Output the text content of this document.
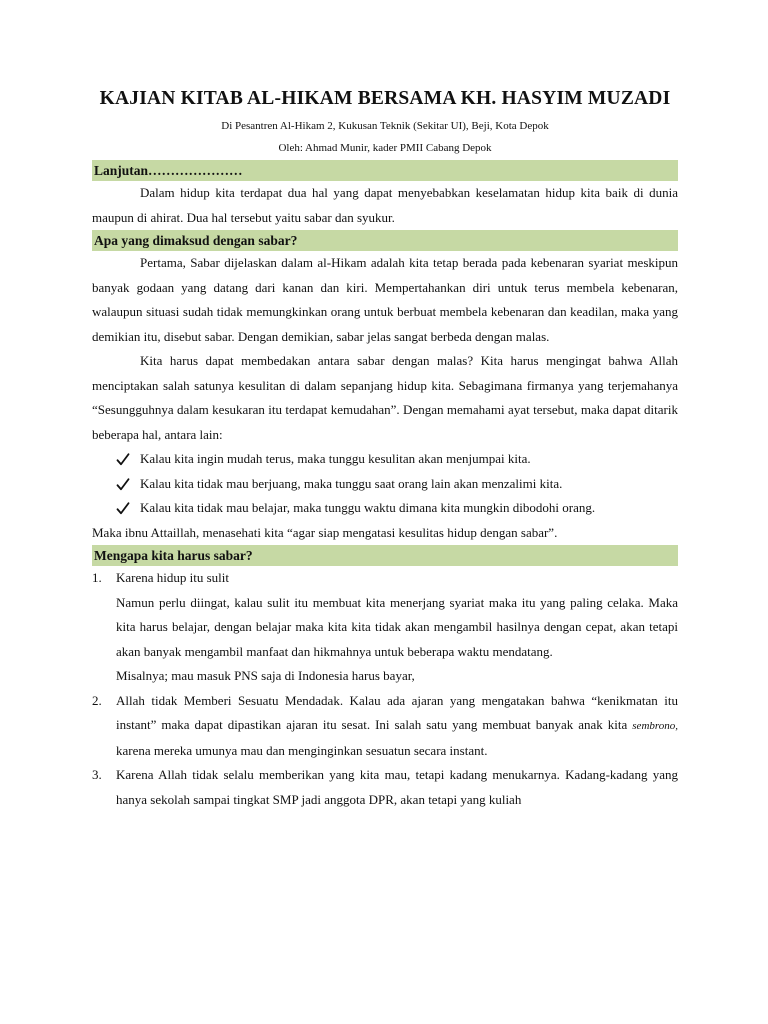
KAJIAN KITAB AL-HIKAM BERSAMA KH. HASYIM MUZADI
Di Pesantren Al-Hikam 2, Kukusan Teknik (Sekitar UI), Beji, Kota Depok
Oleh: Ahmad Munir, kader PMII Cabang Depok
Lanjutan…………………

Dalam hidup kita terdapat dua hal yang dapat menyebabkan keselamatan hidup kita baik di dunia maupun di ahirat. Dua hal tersebut yaitu sabar dan syukur.

Apa yang dimaksud dengan sabar?

Pertama, Sabar dijelaskan dalam al-Hikam adalah kita tetap berada pada kebenaran syariat meskipun banyak godaan yang datang dari kanan dan kiri. Mempertahankan diri untuk terus membela kebenaran, walaupun situasi sudah tidak memungkinkan orang untuk berbuat membela kebenaran dan keadilan, maka yang demikian itu, disebut sabar. Dengan demikian, sabar jelas sangat berbeda dengan malas.

Kita harus dapat membedakan antara sabar dengan malas? Kita harus mengingat bahwa Allah menciptakan salah satunya kesulitan di dalam sepanjang hidup kita. Sebagimana firmanya yang terjemahanya “Sesungguhnya dalam kesukaran itu terdapat kemudahan”. Dengan memahami ayat tersebut, maka dapat ditarik beberapa hal, antara lain:

Kalau kita ingin mudah terus, maka tunggu kesulitan akan menjumpai kita.
Kalau kita tidak mau berjuang, maka tunggu saat orang lain akan menzalimi kita.
Kalau kita tidak mau belajar, maka tunggu waktu dimana kita mungkin dibodohi orang.

Maka ibnu Attaillah, menasehati kita “agar siap mengatasi kesulitas hidup dengan sabar”.

Mengapa kita harus sabar?
1. Karena hidup itu sulit
Namun perlu diingat, kalau sulit itu membuat kita menerjang syariat maka itu yang paling celaka. Maka kita harus belajar, dengan belajar maka kita kita tidak akan mengambil hasilnya dengan cepat, akan tetapi akan banyak mengambil manfaat dan hikmahnya untuk beberapa waktu mendatang.
Misalnya; mau masuk PNS saja di Indonesia harus bayar,
2. Allah tidak Memberi Sesuatu Mendadak. Kalau ada ajaran yang mengatakan bahwa “kenikmatan itu instant” maka dapat dipastikan ajaran itu sesat. Ini salah satu yang membuat banyak anak kita sembrono, karena mereka umunya mau dan menginginkan sesuatun secara instant.
3. Karena Allah tidak selalu memberikan yang kita mau, tetapi kadang menukarnya. Kadang-kadang yang hanya sekolah sampai tingkat SMP jadi anggota DPR, akan tetapi yang kuliah
